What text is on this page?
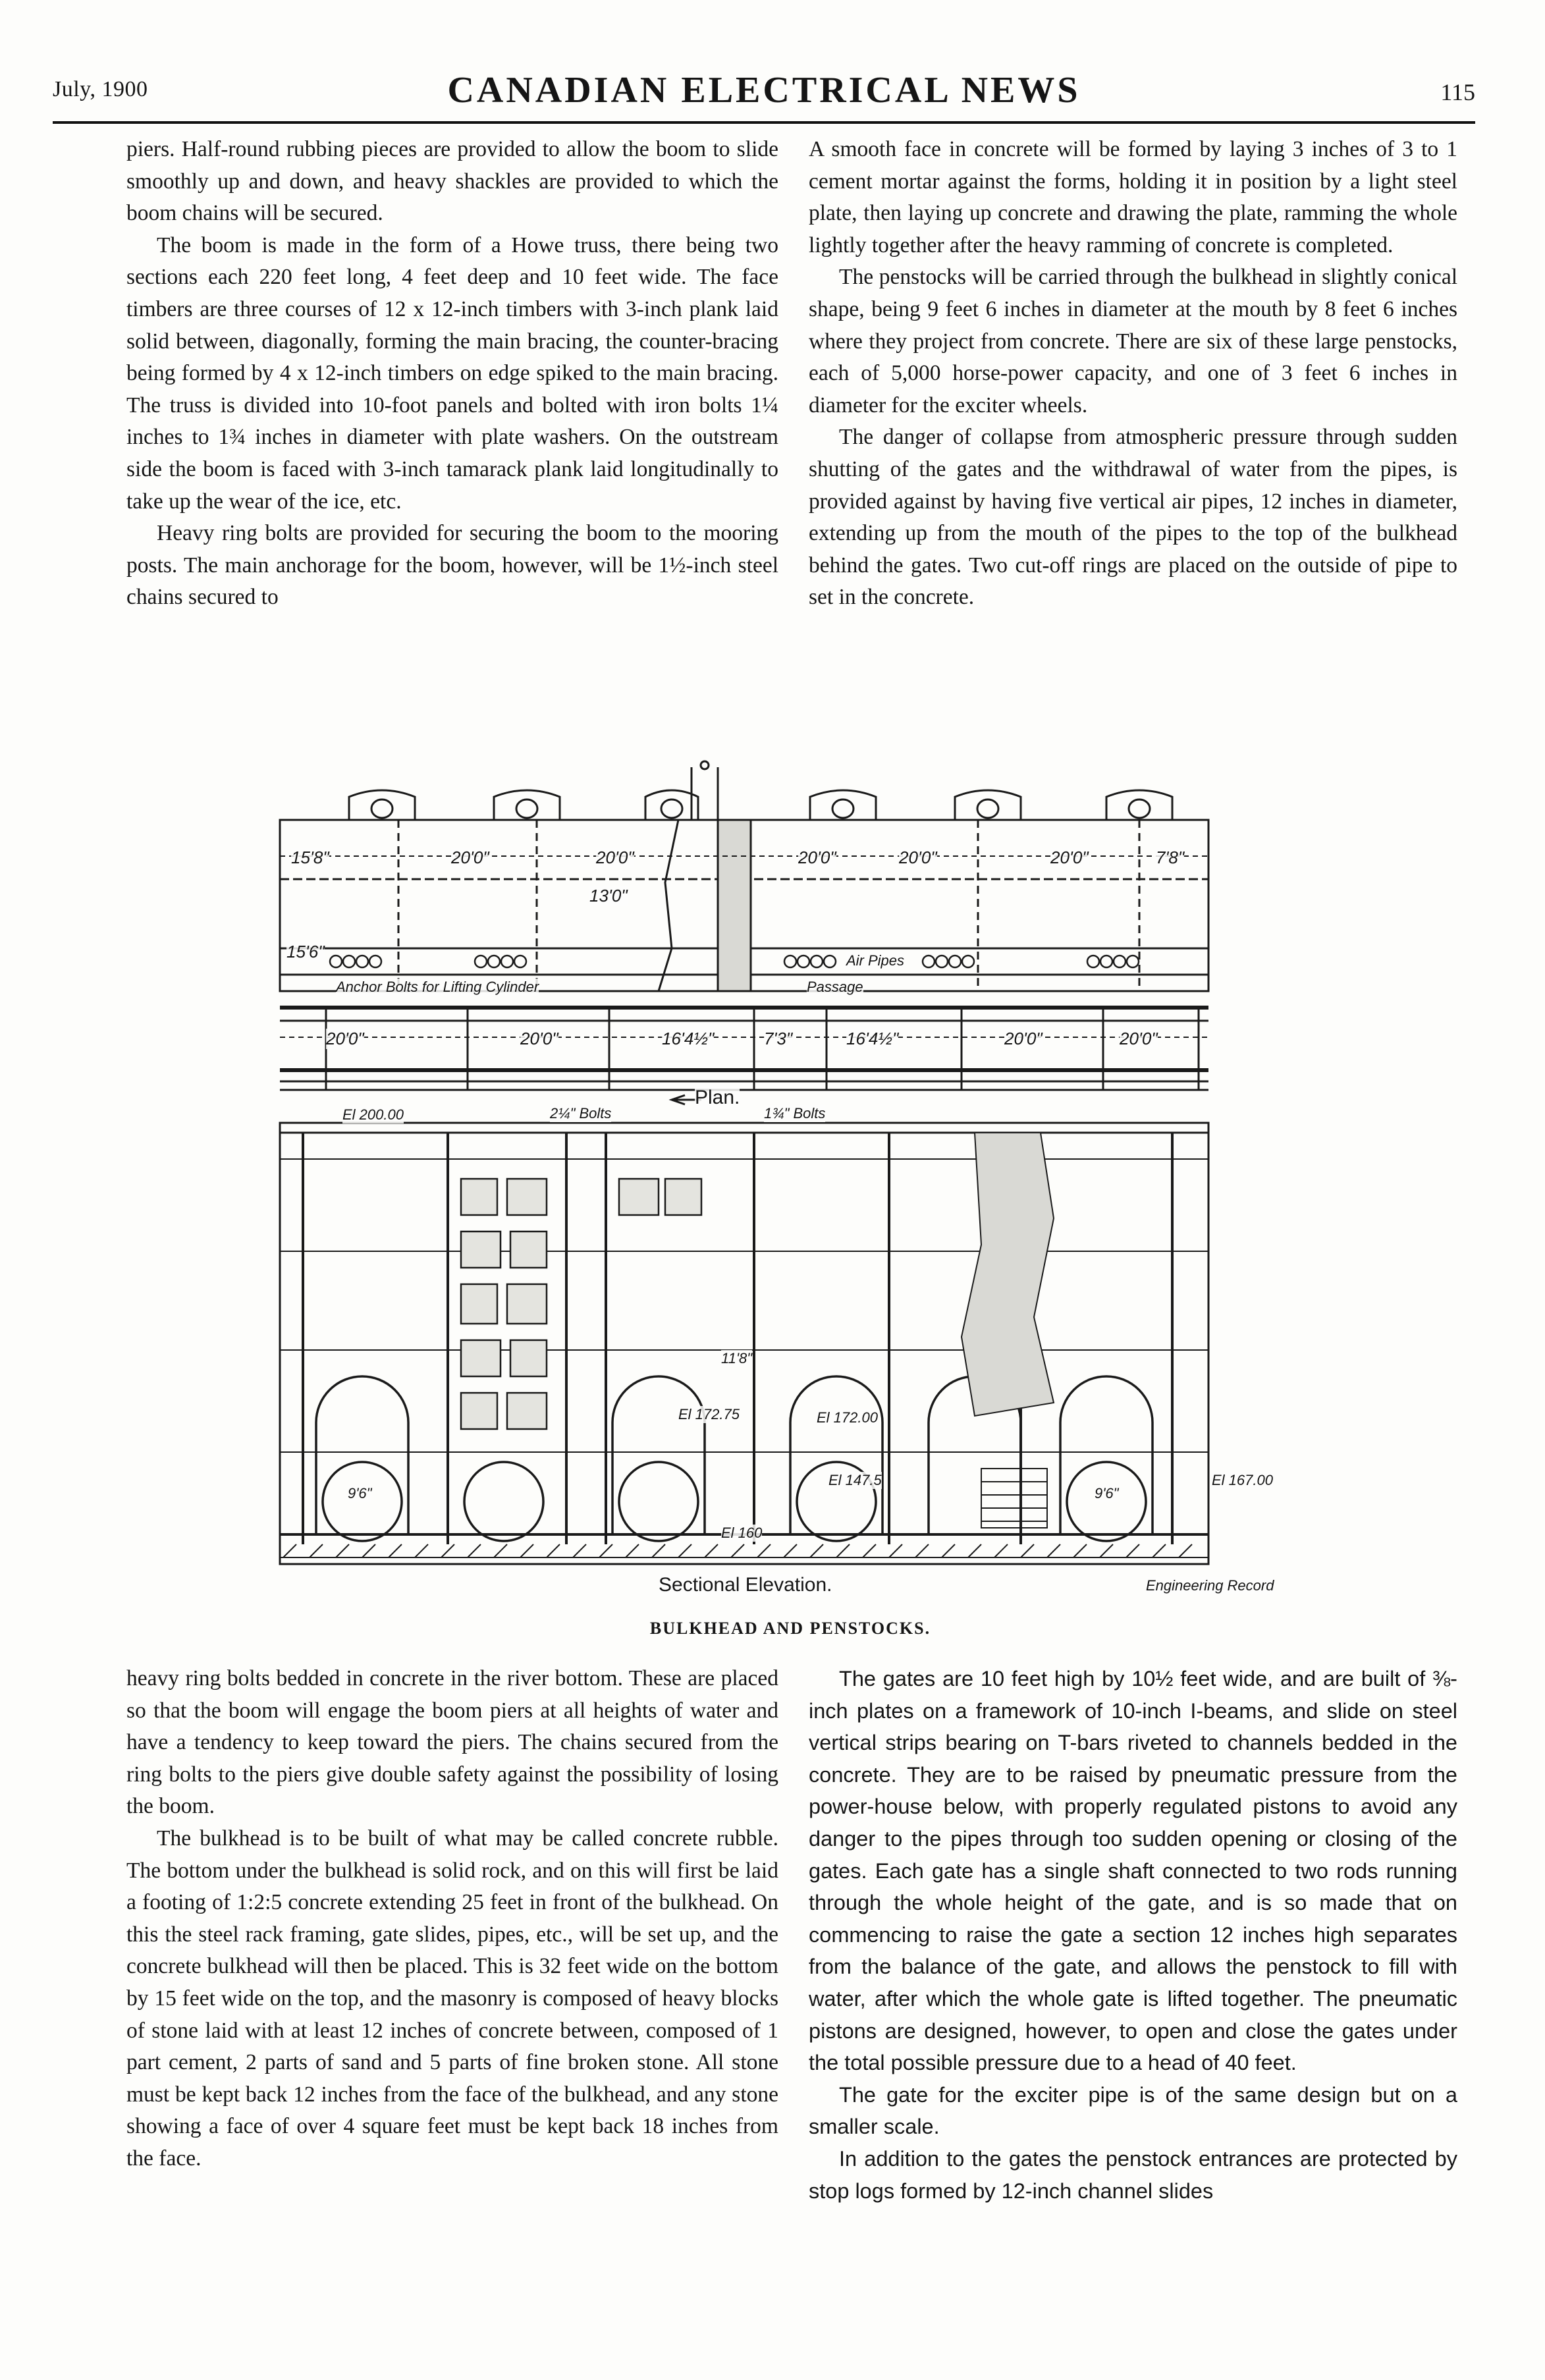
July, 1900	CANADIAN ELECTRICAL NEWS	115

piers. Half-round rubbing pieces are provided to allow the boom to slide smoothly up and down, and heavy shackles are provided to which the boom chains will be secured.

The boom is made in the form of a Howe truss, there being two sections each 220 feet long, 4 feet deep and 10 feet wide. The face timbers are three courses of 12 x 12-inch timbers with 3-inch plank laid solid between, diagonally, forming the main bracing, the counter-bracing being formed by 4 x 12-inch timbers on edge spiked to the main bracing. The truss is divided into 10-foot panels and bolted with iron bolts 1¼ inches to 1¾ inches in diameter with plate washers. On the outstream side the boom is faced with 3-inch tamarack plank laid longitudinally to take up the wear of the ice, etc.

Heavy ring bolts are provided for securing the boom to the mooring posts. The main anchorage for the boom, however, will be 1½-inch steel chains secured to

A smooth face in concrete will be formed by laying 3 inches of 3 to 1 cement mortar against the forms, holding it in position by a light steel plate, then laying up concrete and drawing the plate, ramming the whole lightly together after the heavy ramming of concrete is completed.

The penstocks will be carried through the bulkhead in slightly conical shape, being 9 feet 6 inches in diameter at the mouth by 8 feet 6 inches where they project from concrete. There are six of these large penstocks, each of 5,000 horse-power capacity, and one of 3 feet 6 inches in diameter for the exciter wheels.

The danger of collapse from atmospheric pressure through sudden shutting of the gates and the withdrawal of water from the pipes, is provided against by having five vertical air pipes, 12 inches in diameter, extending up from the mouth of the pipes to the top of the bulkhead behind the gates. Two cut-off rings are placed on the outside of pipe to set in the concrete.

Plan.
15'8"	20'0"	20'0"	20'0"	20'0"	20'0"	7'8"
13'0"
15'6"
Anchor Bolts for Lifting Cylinder
Air Pipes
Passage
20'0"	20'0"	16'4½"	7'3"	16'4½"	20'0"	20'0"
El 200.00	2¼" Bolts	1¾" Bolts
El 172.75	El 172.00
El 167.00
El 160
El 147.5
9'6"	9'6"
11'8"
Sectional Elevation.	Engineering Record
BULKHEAD AND PENSTOCKS.

heavy ring bolts bedded in concrete in the river bottom. These are placed so that the boom will engage the boom piers at all heights of water and have a tendency to keep toward the piers. The chains secured from the ring bolts to the piers give double safety against the possibility of losing the boom.

The bulkhead is to be built of what may be called concrete rubble. The bottom under the bulkhead is solid rock, and on this will first be laid a footing of 1:2:5 concrete extending 25 feet in front of the bulkhead. On this the steel rack framing, gate slides, pipes, etc., will be set up, and the concrete bulkhead will then be placed. This is 32 feet wide on the bottom by 15 feet wide on the top, and the masonry is composed of heavy blocks of stone laid with at least 12 inches of concrete between, composed of 1 part cement, 2 parts of sand and 5 parts of fine broken stone. All stone must be kept back 12 inches from the face of the bulkhead, and any stone showing a face of over 4 square feet must be kept back 18 inches from the face.

The gates are 10 feet high by 10½ feet wide, and are built of ⅜-inch plates on a framework of 10-inch I-beams, and slide on steel vertical strips bearing on T-bars riveted to channels bedded in the concrete. They are to be raised by pneumatic pressure from the power-house below, with properly regulated pistons to avoid any danger to the pipes through too sudden opening or closing of the gates. Each gate has a single shaft connected to two rods running through the whole height of the gate, and is so made that on commencing to raise the gate a section 12 inches high separates from the balance of the gate, and allows the penstock to fill with water, after which the whole gate is lifted together. The pneumatic pistons are designed, however, to open and close the gates under the total possible pressure due to a head of 40 feet.

The gate for the exciter pipe is of the same design but on a smaller scale.

In addition to the gates the penstock entrances are protected by stop logs formed by 12-inch channel slides
